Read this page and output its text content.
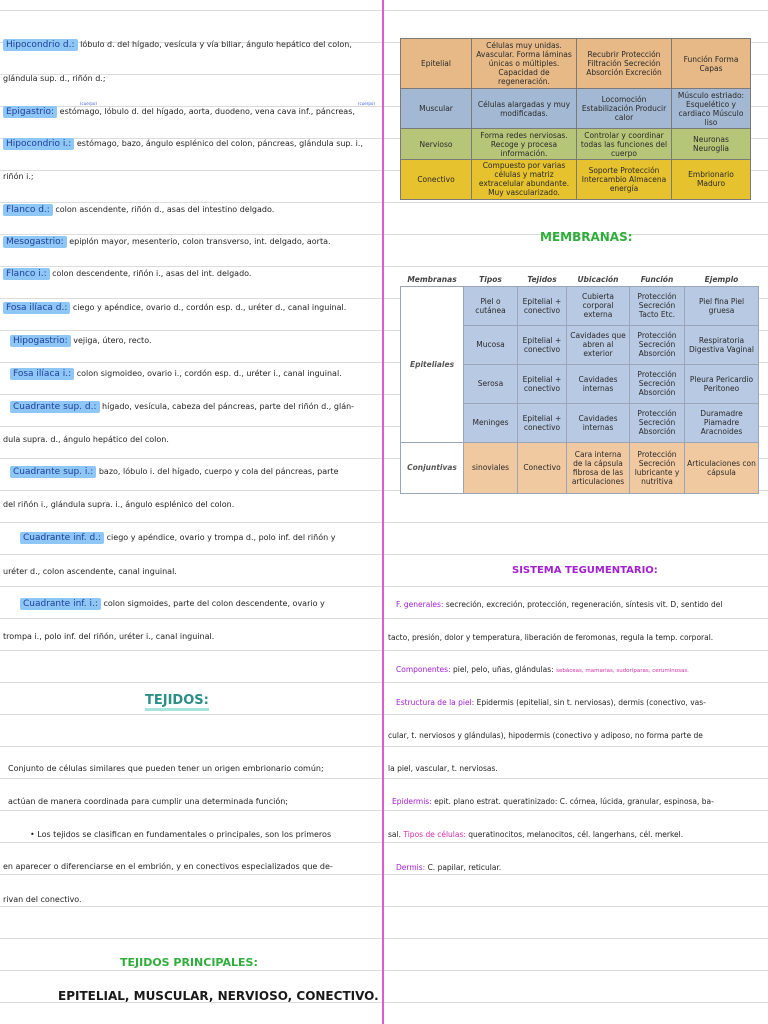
Hipocondrio d.: lóbulo d. del hígado, vesícula y vía biliar, ángulo hepático del colon,
glándula sup. d., riñón d.;
(cuerpo)	(cuerpo)
Epigastrio: estómago, lóbulo d. del hígado, aorta, duodeno, vena cava inf., páncreas,
Hipocondrio i.: estómago, bazo, ángulo esplénico del colon, páncreas, glándula sup. i.,
riñón i.;
Flanco d.: colon ascendente, riñón d., asas del intestino delgado.
Mesogastrio: epiplón mayor, mesenterio, colon transverso, int. delgado, aorta.
Flanco i.: colon descendente, riñón i., asas del int. delgado.
Fosa ilíaca d.: ciego y apéndice, ovario d., cordón esp. d., uréter d., canal inguinal.
Hipogastrio: vejiga, útero, recto.
Fosa ilíaca i.: colon sigmoideo, ovario i., cordón esp. d., uréter i., canal inguinal.
Cuadrante sup. d.: hígado, vesícula, cabeza del páncreas, parte del riñón d., glán-
dula supra. d., ángulo hepático del colon.
Cuadrante sup. i.: bazo, lóbulo i. del hígado, cuerpo y cola del páncreas, parte
del riñón i., glándula supra. i., ángulo esplénico del colon.
Cuadrante inf. d.: ciego y apéndice, ovario y trompa d., polo inf. del riñón y
uréter d., colon ascendente, canal inguinal.
Cuadrante inf. i.: colon sigmoides, parte del colon descendente, ovario y
trompa i., polo inf. del riñón, uréter i., canal inguinal.
TEJIDOS:
Conjunto de células similares que pueden tener un origen embrionario común;
actúan de manera coordinada para cumplir una determinada función;
• Los tejidos se clasifican en fundamentales o principales, son los primeros
en aparecer o diferenciarse en el embrión, y en conectivos especializados que de-
rivan del conectivo.
TEJIDOS PRINCIPALES:
EPITELIAL, MUSCULAR, NERVIOSO, CONECTIVO.
Epitelial	Células muy unidas. Avascular. Forma láminas únicas o múltiples. Capacidad de regeneración.	Recubrir Protección Filtración Secreción Absorción Excreción	Función Forma Capas
Muscular	Células alargadas y muy modificadas.	Locomoción Estabilización Producir calor	Músculo estriado: Esquelético y cardiaco Músculo liso
Nervioso	Forma redes nerviosas. Recoge y procesa información.	Controlar y coordinar todas las funciones del cuerpo	Neuronas Neuroglia
Conectivo	Compuesto por varias células y matriz extracelular abundante. Muy vascularizado.	Soporte Protección Intercambio Almacena energía	Embrionario Maduro
MEMBRANAS:
Membranas	Tipos	Tejidos	Ubicación	Función	Ejemplo
Epiteliales	Piel o cutánea	Epitelial + conectivo	Cubierta corporal externa	Protección Secreción Tacto Etc.	Piel fina Piel gruesa
	Mucosa	Epitelial + conectivo	Cavidades que abren al exterior	Protección Secreción Absorción	Respiratoria Digestiva Vaginal
	Serosa	Epitelial + conectivo	Cavidades internas	Protección Secreción Absorción	Pleura Pericardio Peritoneo
	Meninges	Epitelial + conectivo	Cavidades internas	Protección Secreción Absorción	Duramadre Piamadre Aracnoides
Conjuntivas	sinoviales	Conectivo	Cara interna de la cápsula fibrosa de las articulaciones	Protección Secreción lubricante y nutritiva	Articulaciones con cápsula
SISTEMA TEGUMENTARIO:
F. generales: secreción, excreción, protección, regeneración, síntesis vit. D, sentido del
tacto, presión, dolor y temperatura, liberación de feromonas, regula la temp. corporal.
Componentes: piel, pelo, uñas, glándulas: sebáceas, mamarias, sudoríparas, ceruminosas.
Estructura de la piel: Epidermis (epitelial, sin t. nerviosas), dermis (conectivo, vas-
cular, t. nerviosos y glándulas), hipodermis (conectivo y adiposo, no forma parte de
la piel, vascular, t. nerviosas.
Epidermis: epit. plano estrat. queratinizado: C. córnea, lúcida, granular, espinosa, ba-
sal. Tipos de células: queratinocitos, melanocitos, cél. langerhans, cél. merkel.
Dermis: C. papilar, reticular.
